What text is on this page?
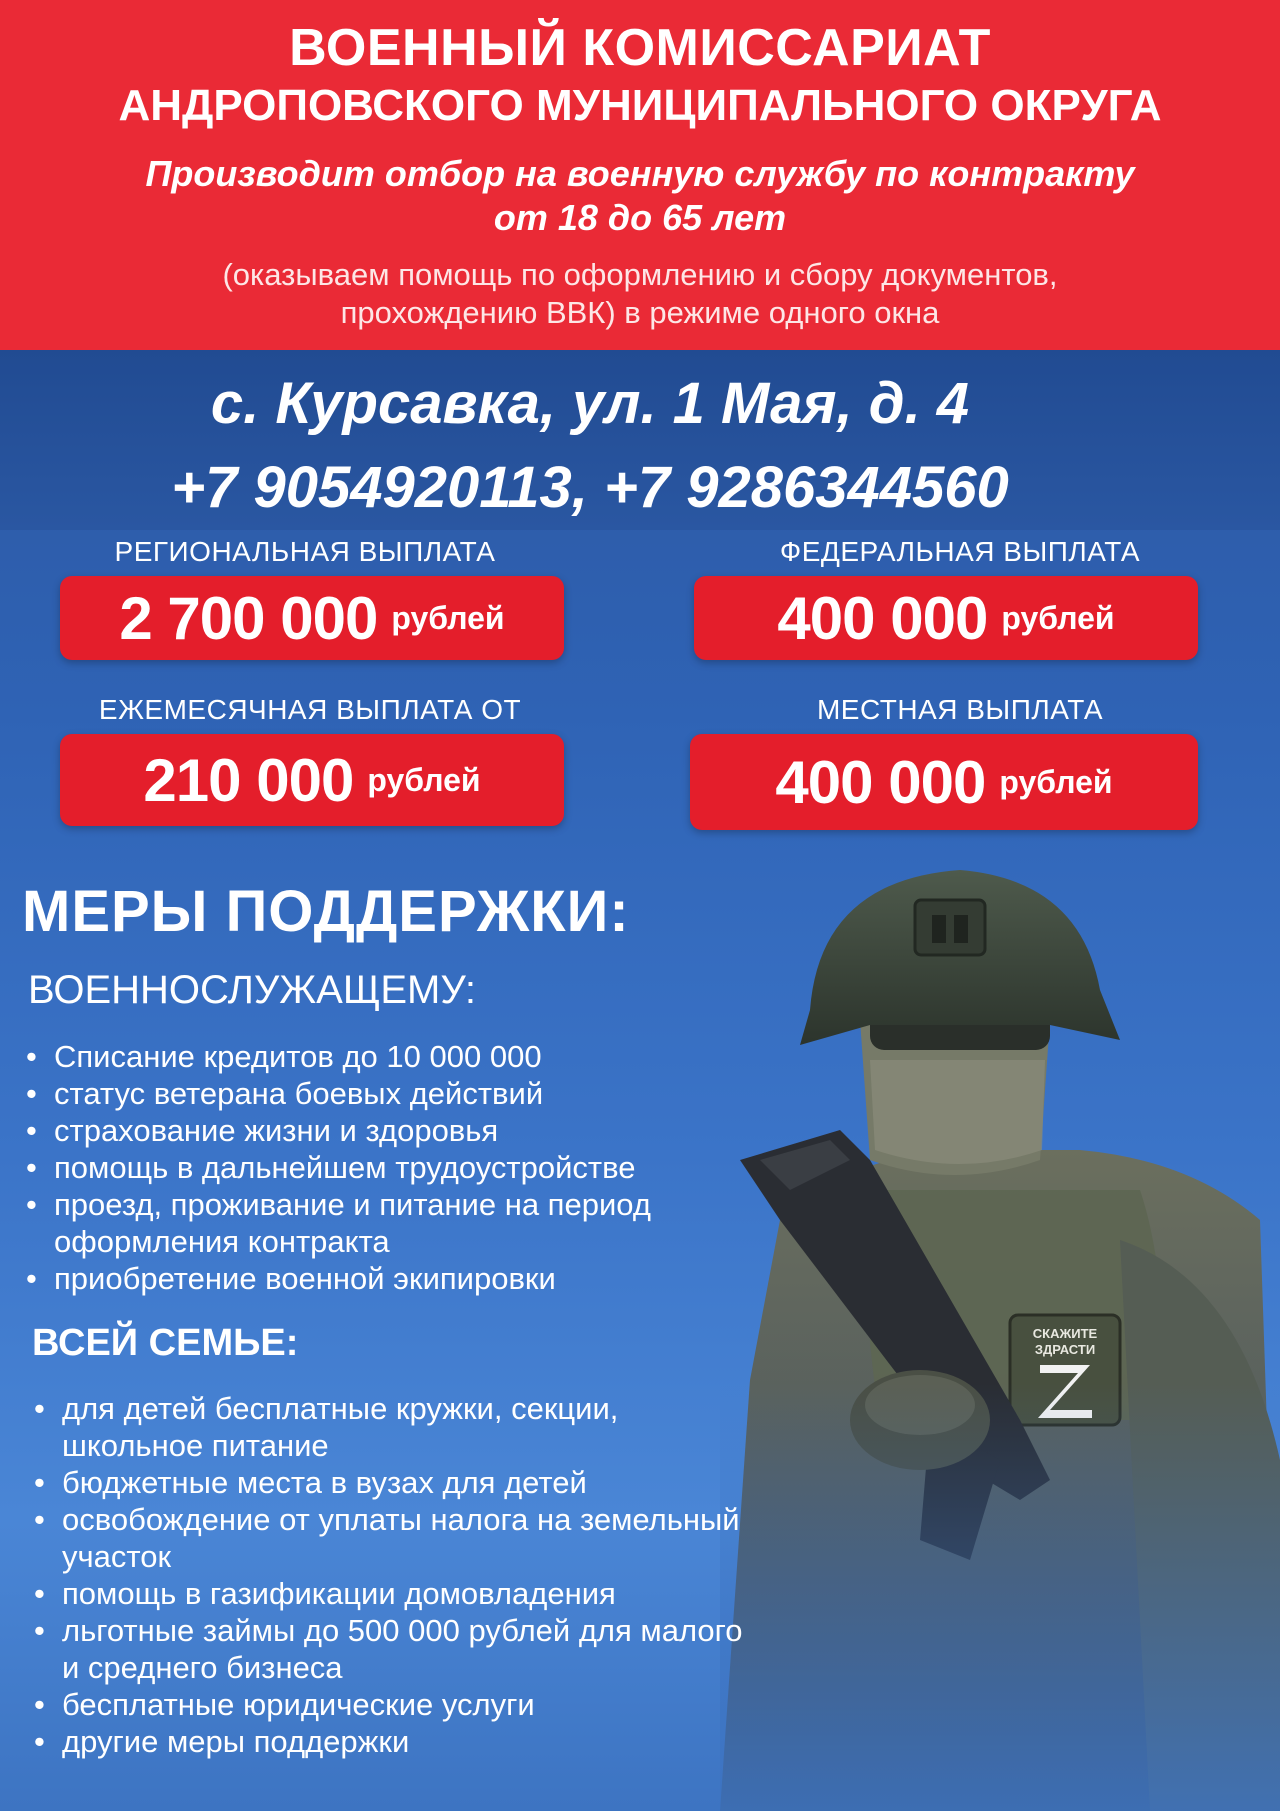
ВОЕННЫЙ КОМИССАРИАТ
АНДРОПОВСКОГО МУНИЦИПАЛЬНОГО ОКРУГА
Производит отбор на военную службу по контракту
от 18 до 65 лет
(оказываем помощь по оформлению и сбору документов,
прохождению ВВК) в режиме одного окна
с. Курсавка, ул. 1 Мая, д. 4
+7 9054920113, +7 9286344560
РЕГИОНАЛЬНАЯ ВЫПЛАТА
2 700 000 рублей
ФЕДЕРАЛЬНАЯ ВЫПЛАТА
400 000 рублей
ЕЖЕМЕСЯЧНАЯ ВЫПЛАТА ОТ
210 000 рублей
МЕСТНАЯ ВЫПЛАТА
400 000 рублей
МЕРЫ ПОДДЕРЖКИ:
ВОЕННОСЛУЖАЩЕМУ:
• Списание кредитов до 10 000 000
• статус ветерана боевых действий
• страхование жизни и здоровья
• помощь в дальнейшем трудоустройстве
• проезд, проживание и питание на период оформления контракта
• приобретение военной экипировки
ВСЕЙ СЕМЬЕ:
• для детей бесплатные кружки, секции, школьное питание
• бюджетные места в вузах для детей
• освобождение от уплаты налога на земельный участок
• помощь в газификации домовладения
• льготные займы до 500 000 рублей для малого и среднего бизнеса
• бесплатные юридические услуги
• другие меры поддержки
